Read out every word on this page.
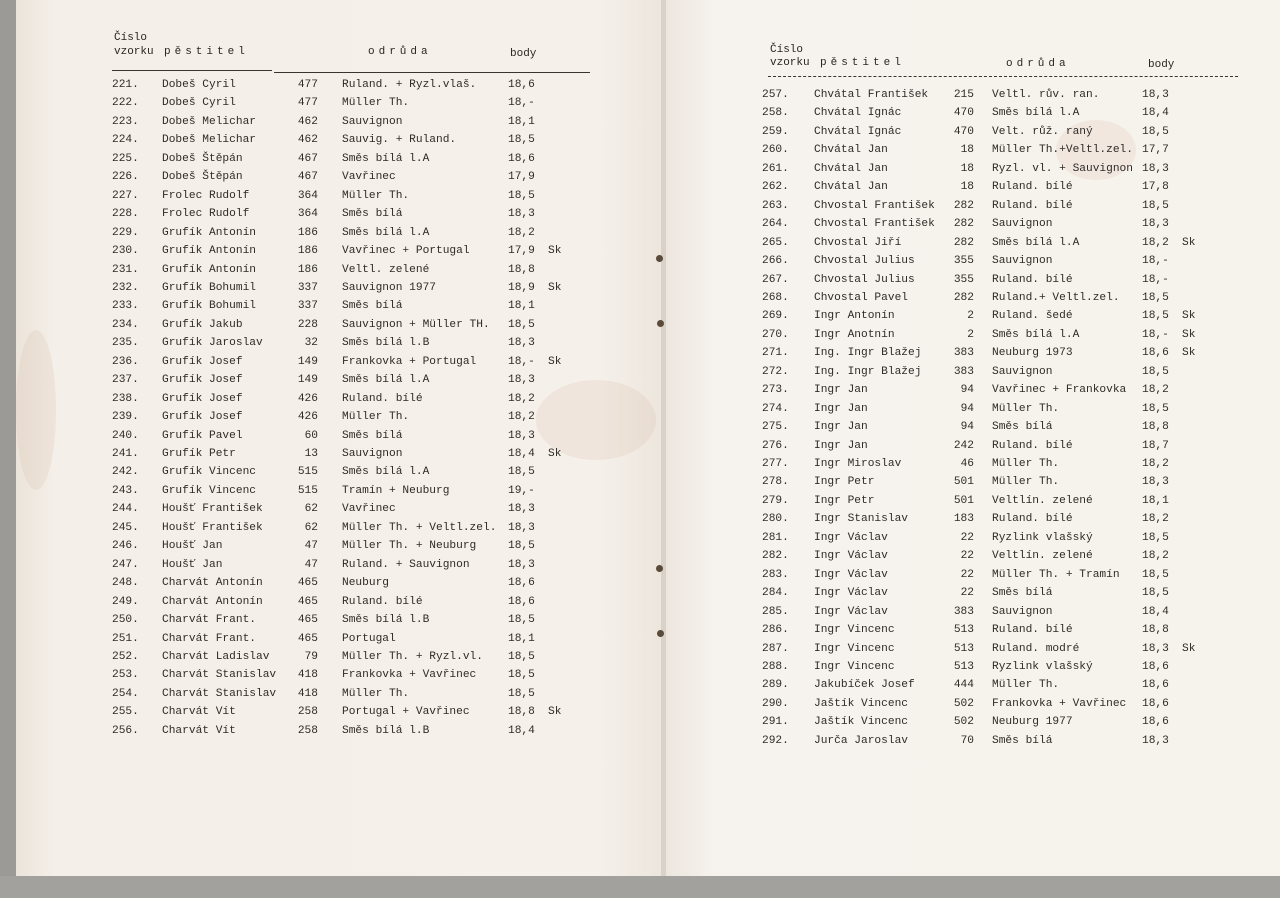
Číslo
vzorku pěstitel	odrůda	body
221. Dobeš Cyril	477 Ruland. + Ryzl.vlaš.	18,6
222. Dobeš Cyril	477 Müller Th.	18,-
223. Dobeš Melichar	462 Sauvignon	18,1
224. Dobeš Melichar	462 Sauvig. + Ruland.	18,5
225. Dobeš Štěpán	467 Směs bílá l.A	18,6
226. Dobeš Štěpán	467 Vavřinec	17,9
227. Frolec Rudolf	364 Müller Th.	18,5
228. Frolec Rudolf	364 Směs bílá	18,3
229. Grufík Antonín	186 Směs bílá l.A	18,2
230. Grufík Antonín	186 Vavřinec + Portugal	17,9 Sk
231. Grufík Antonín	186 Veltl. zelené	18,8
232. Grufík Bohumil	337 Sauvignon 1977	18,9 Sk
233. Grufík Bohumil	337 Směs bílá	18,1
234. Grufík Jakub	228 Sauvignon + Müller TH. 18,5
235. Grufík Jaroslav	32 Směs bílá l.B	18,3
236. Grufík Josef	149 Frankovka + Portugal	18,- Sk
237. Grufík Josef	149 Směs bílá l.A	18,3
238. Grufík Josef	426 Ruland. bílé	18,2
239. Grufík Josef	426 Müller Th.	18,2
240. Grufík Pavel	60 Směs bílá	18,3
241. Grufík Petr	13 Sauvignon	18,4 Sk
242. Grufík Vincenc	515 Směs bílá l.A	18,5
243. Grufík Vincenc	515 Tramín + Neuburg	19,-
244. Houšť František	62 Vavřinec	18,3
245. Houšť František	62 Müller Th. + Veltl.zel. 18,3
246. Houšť Jan	47 Müller Th. + Neuburg	18,5
247. Houšť Jan	47 Ruland. + Sauvignon	18,3
248. Charvát Antonín	465 Neuburg	18,6
249. Charvát Antonín	465 Ruland. bílé	18,6
250. Charvát Frant.	465 Směs bílá l.B	18,5
251. Charvát Frant.	465 Portugal	18,1
252. Charvát Ladislav	79 Müller Th. + Ryzl.vl. 18,5
253. Charvát Stanislav 418 Frankovka + Vavřinec	18,5
254. Charvát Stanislav 418 Müller Th.	18,5
255. Charvát Vít	258 Portugal + Vavřinec	18,8 Sk
256. Charvát Vít	258 Směs bílá l.B	18,4
Číslo
vzorku pěstitel	odrůda	body
257. Chvátal František 215 Veltl. rův. ran.	18,3
258. Chvátal Ignác	470 Směs bílá l.A	18,4
259. Chvátal Ignác	470 Velt. růž. raný	18,5
260. Chvátal Jan	18 Müller Th.+Veltl.zel. 17,7
261. Chvátal Jan	18 Ryzl. vl. + Sauvignon 18,3
262. Chvátal Jan	18 Ruland. bílé	17,8
263. Chvostal František 282 Ruland. bílé	18,5
264. Chvostal František 282 Sauvignon	18,3
265. Chvostal Jiří	282 Směs bílá l.A	18,2 Sk
266. Chvostal Julius	355 Sauvignon	18,-
267. Chvostal Julius	355 Ruland. bílé	18,-
268. Chvostal Pavel	282 Ruland.+ Veltl.zel. 18,5
269. Ingr Antonín	2 Ruland. šedé	18,5 Sk
270. Ingr Anotnín	2 Směs bílá l.A	18,- Sk
271. Ing. Ingr Blažej	383 Neuburg 1973	18,6 Sk
272. Ing. Ingr Blažej	383 Sauvignon	18,5
273. Ingr Jan	94 Vavřinec + Frankovka 18,2
274. Ingr Jan	94 Müller Th.	18,5
275. Ingr Jan	94 Směs bílá	18,8
276. Ingr Jan	242 Ruland. bílé	18,7
277. Ingr Miroslav	46 Müller Th.	18,2
278. Ingr Petr	501 Müller Th.	18,3
279. Ingr Petr	501 Veltlín. zelené	18,1
280. Ingr Stanislav	183 Ruland. bílé	18,2
281. Ingr Václav	22 Ryzlink vlašský	18,5
282. Ingr Václav	22 Veltlín. zelené	18,2
283. Ingr Václav	22 Müller Th. + Tramín 18,5
284. Ingr Václav	22 Směs bílá	18,5
285. Ingr Václav	383 Sauvignon	18,4
286. Ingr Vincenc	513 Ruland. bílé	18,8
287. Ingr Vincenc	513 Ruland. modré	18,3 Sk
288. Ingr Vincenc	513 Ryzlink vlašský	18,6
289. Jakubíček Josef	444 Müller Th.	18,6
290. Jaštík Vincenc	502 Frankovka + Vavřinec 18,6
291. Jaštík Vincenc	502 Neuburg 1977	18,6
292. Jurča Jaroslav	70 Směs bílá	18,3
